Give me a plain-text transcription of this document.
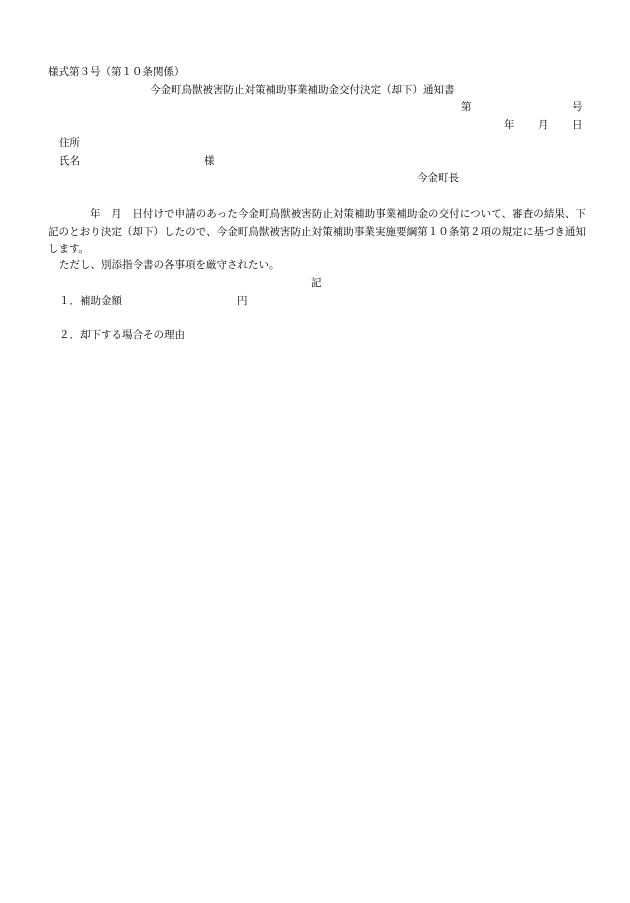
様式第３号（第１０条関係）

今金町鳥獣被害防止対策補助事業補助金交付決定（却下）通知書

第	号

年 月 日

住所

氏名	様

今金町長

年　 月　 日付けで申請のあった今金町鳥獣被害防止対策補助事業補助金の交付について、審査の結果、下記のとおり決定（却下）したので、今金町鳥獣被害防止対策補助事業実施要綱第１０条第２項の規定に基づき通知します。

ただし、別添指令書の各事項を厳守されたい。

記

１．補助金額	円

２．却下する場合その理由
